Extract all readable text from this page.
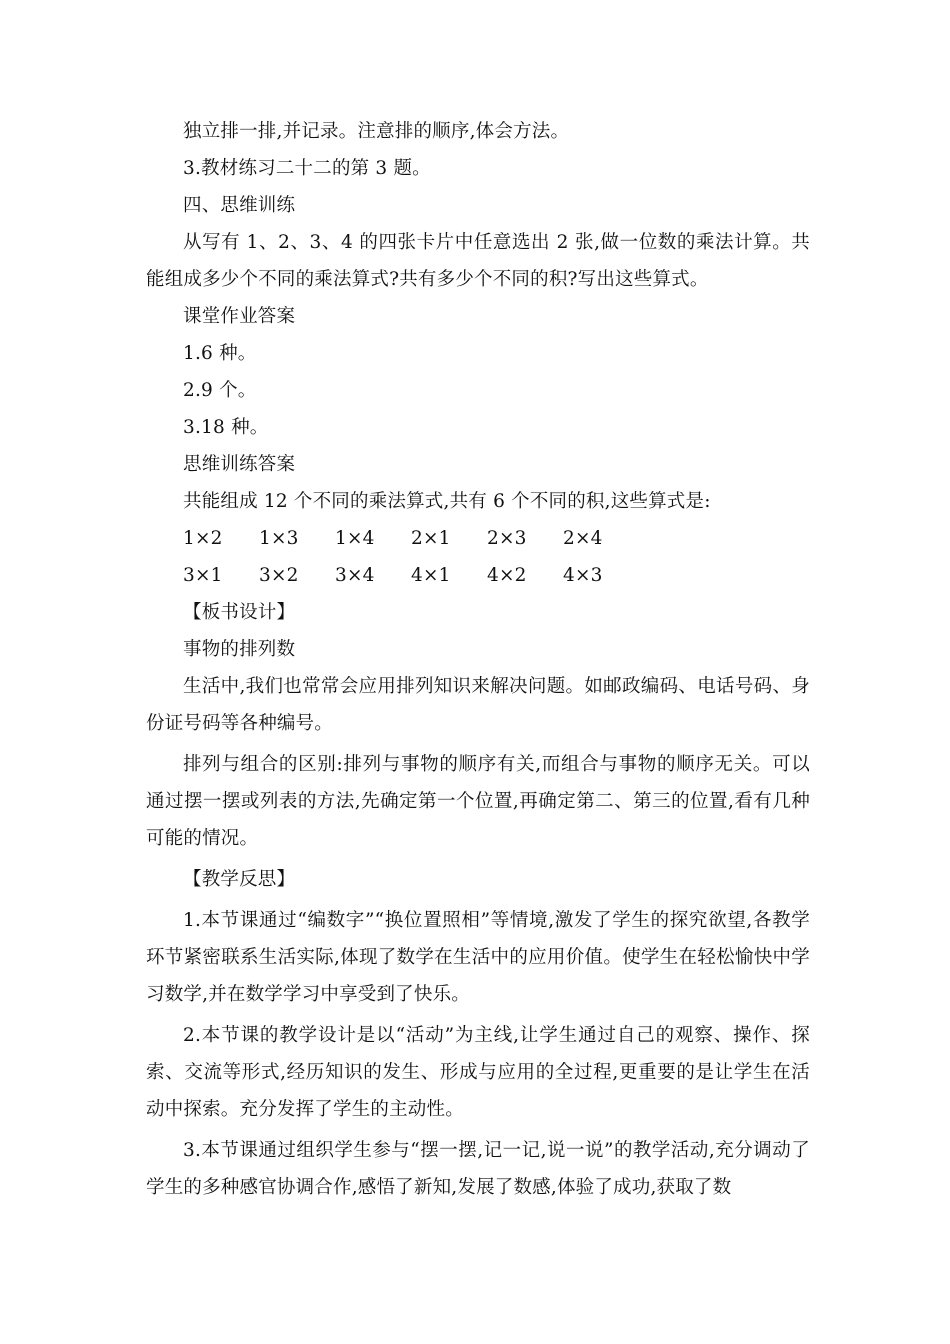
独立排一排,并记录。注意排的顺序,体会方法。

3.教材练习二十二的第 3 题。

四、思维训练

从写有 1、2、3、4 的四张卡片中任意选出 2 张,做一位数的乘法计算。共能组成多少个不同的乘法算式?共有多少个不同的积?写出这些算式。

课堂作业答案

1.6 种。

2.9 个。

3.18 种。

思维训练答案

共能组成 12 个不同的乘法算式,共有 6 个不同的积,这些算式是:

1×2	1×3	1×4	2×1	2×3	2×4
3×1	3×2	3×4	4×1	4×2	4×3

【板书设计】

事物的排列数

生活中,我们也常常会应用排列知识来解决问题。如邮政编码、电话号码、身份证号码等各种编号。

排列与组合的区别:排列与事物的顺序有关,而组合与事物的顺序无关。可以通过摆一摆或列表的方法,先确定第一个位置,再确定第二、第三的位置,看有几种可能的情况。

【教学反思】

1.本节课通过“编数字”“换位置照相”等情境,激发了学生的探究欲望,各教学环节紧密联系生活实际,体现了数学在生活中的应用价值。使学生在轻松愉快中学习数学,并在数学学习中享受到了快乐。

2.本节课的教学设计是以“活动”为主线,让学生通过自己的观察、操作、探索、交流等形式,经历知识的发生、形成与应用的全过程,更重要的是让学生在活动中探索。充分发挥了学生的主动性。

3.本节课通过组织学生参与“摆一摆,记一记,说一说”的教学活动,充分调动了学生的多种感官协调合作,感悟了新知,发展了数感,体验了成功,获取了数
